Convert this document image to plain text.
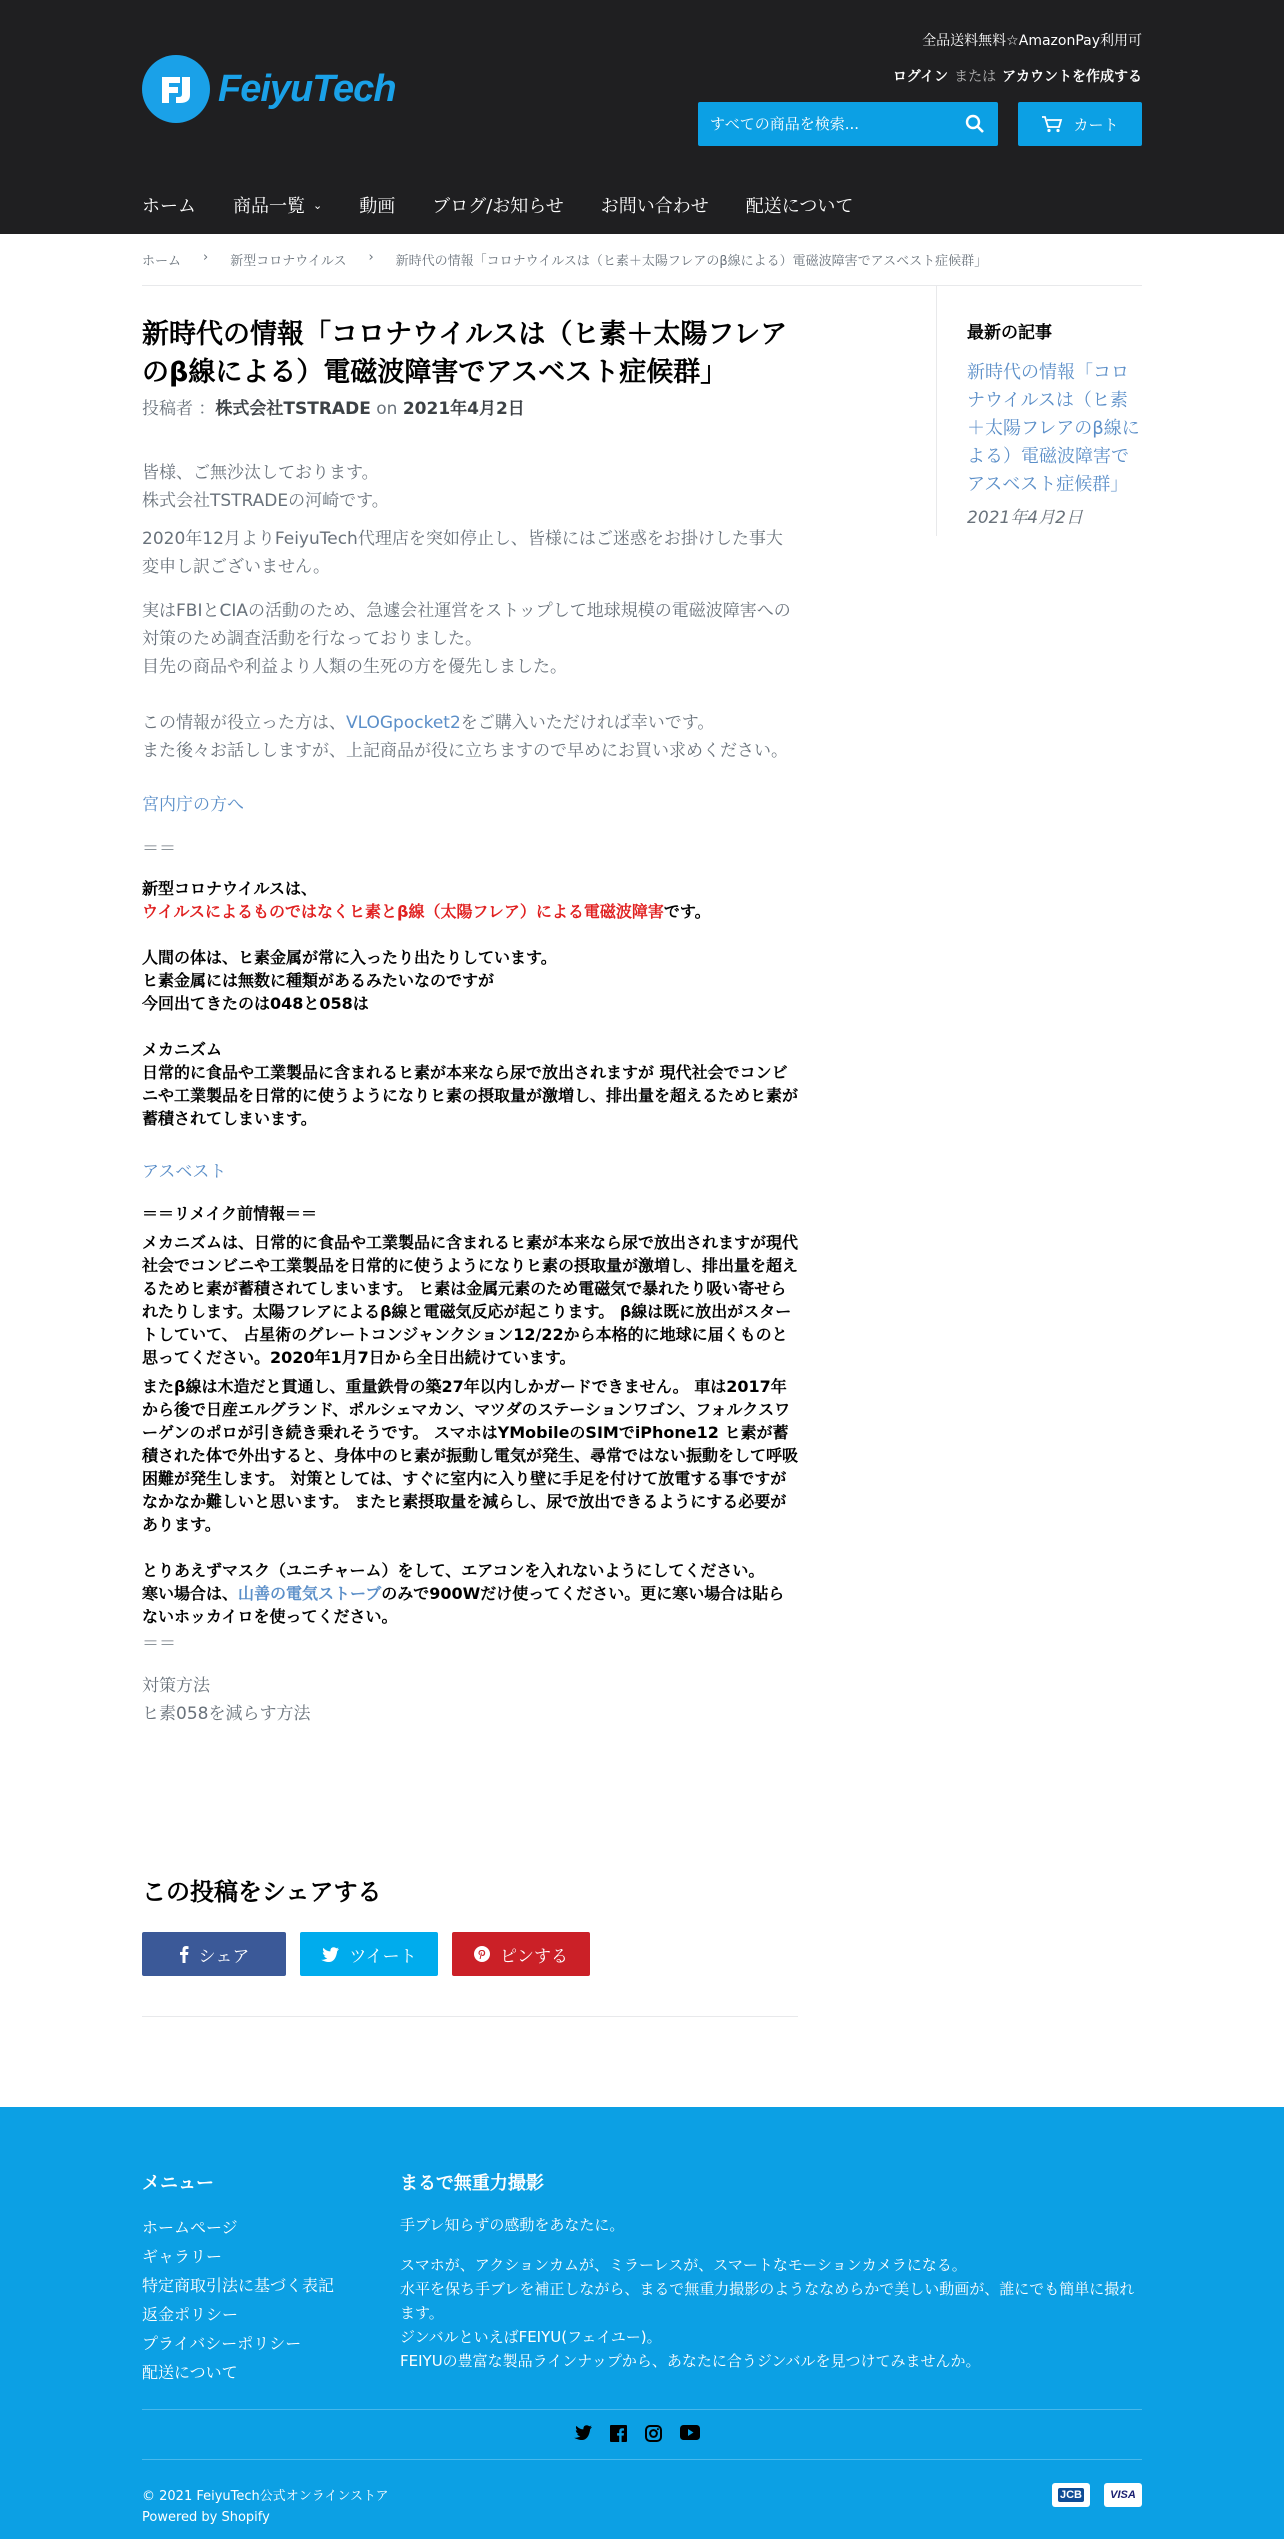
全品送料無料☆AmazonPay利用可
ログイン または アカウントを作成する
FeiyuTech
すべての商品を検索...
カート
ホーム 商品一覧 ⌄ 動画 ブログ/お知らせ お問い合わせ 配送について
ホーム › 新型コロナウイルス › 新時代の情報「コロナウイルスは（ヒ素＋太陽フレアのβ線による）電磁波障害でアスベスト症候群」
新時代の情報「コロナウイルスは（ヒ素＋太陽フレアのβ線による）電磁波障害でアスベスト症候群」
投稿者 ：株式会社TSTRADE on 2021年4月2日
皆様、ご無沙汰しております。
株式会社TSTRADEの河崎です。
2020年12月よりFeiyuTech代理店を突如停止し、皆様にはご迷惑をお掛けした事大変申し訳ございません。
実はFBIとCIAの活動のため、急遽会社運営をストップして地球規模の電磁波障害への対策のため調査活動を行なっておりました。
目先の商品や利益より人類の生死の方を優先しました。
この情報が役立った方は、VLOGpocket2をご購入いただければ幸いです。
また後々お話ししますが、上記商品が役に立ちますので早めにお買い求めください。
宮内庁の方へ
＝＝
新型コロナウイルスは、
ウイルスによるものではなくヒ素とβ線（太陽フレア）による電磁波障害です。
人間の体は、ヒ素金属が常に入ったり出たりしています。
ヒ素金属には無数に種類があるみたいなのですが
今回出てきたのは048と058は
メカニズム
日常的に食品や工業製品に含まれるヒ素が本来なら尿で放出されますが 現代社会でコンビニや工業製品を日常的に使うようになりヒ素の摂取量が激増し、排出量を超えるためヒ素が蓄積されてしまいます。
アスベスト
＝＝リメイク前情報＝＝
メカニズムは、日常的に食品や工業製品に含まれるヒ素が本来なら尿で放出されますが現代社会でコンビニや工業製品を日常的に使うようになりヒ素の摂取量が激増し、排出量を超えるためヒ素が蓄積されてしまいます。 ヒ素は金属元素のため電磁気で暴れたり吸い寄せられたりします。太陽フレアによるβ線と電磁気反応が起こります。 β線は既に放出がスタートしていて、 占星術のグレートコンジャンクション12/22から本格的に地球に届くものと思ってください。2020年1月7日から全日出続けています。
またβ線は木造だと貫通し、重量鉄骨の築27年以内しかガードできません。 車は2017年から後で日産エルグランド、ポルシェマカン、マツダのステーションワゴン、フォルクスワーゲンのポロが引き続き乗れそうです。 スマホはYMobileのSIMでiPhone12 ヒ素が蓄積された体で外出すると、身体中のヒ素が振動し電気が発生、尋常ではない振動をして呼吸困難が発生します。 対策としては、すぐに室内に入り壁に手足を付けて放電する事ですがなかなか難しいと思います。 またヒ素摂取量を減らし、尿で放出できるようにする必要があります。
とりあえずマスク（ユニチャーム）をして、エアコンを入れないようにしてください。
寒い場合は、山善の電気ストーブのみで900Wだけ使ってください。更に寒い場合は貼らないホッカイロを使ってください。
＝＝
対策方法
ヒ素058を減らす方法
最新の記事
新時代の情報「コロナウイルスは（ヒ素＋太陽フレアのβ線による）電磁波障害でアスベスト症候群」
2021年4月2日
この投稿をシェアする
シェア	ツイート	ピンする
メニュー
ホームページ
ギャラリー
特定商取引法に基づく表記
返金ポリシー
プライバシーポリシー
配送について
まるで無重力撮影
手ブレ知らずの感動をあなたに。
スマホが、アクションカムが、ミラーレスが、スマートなモーションカメラになる。
水平を保ち手ブレを補正しながら、まるで無重力撮影のようななめらかで美しい動画が、誰にでも簡単に撮れます。
ジンバルといえばFEIYU(フェイユー)。
FEIYUの豊富な製品ラインナップから、あなたに合うジンバルを見つけてみませんか。
© 2021 FeiyuTech公式オンラインストア
Powered by Shopify
JCB	VISA
